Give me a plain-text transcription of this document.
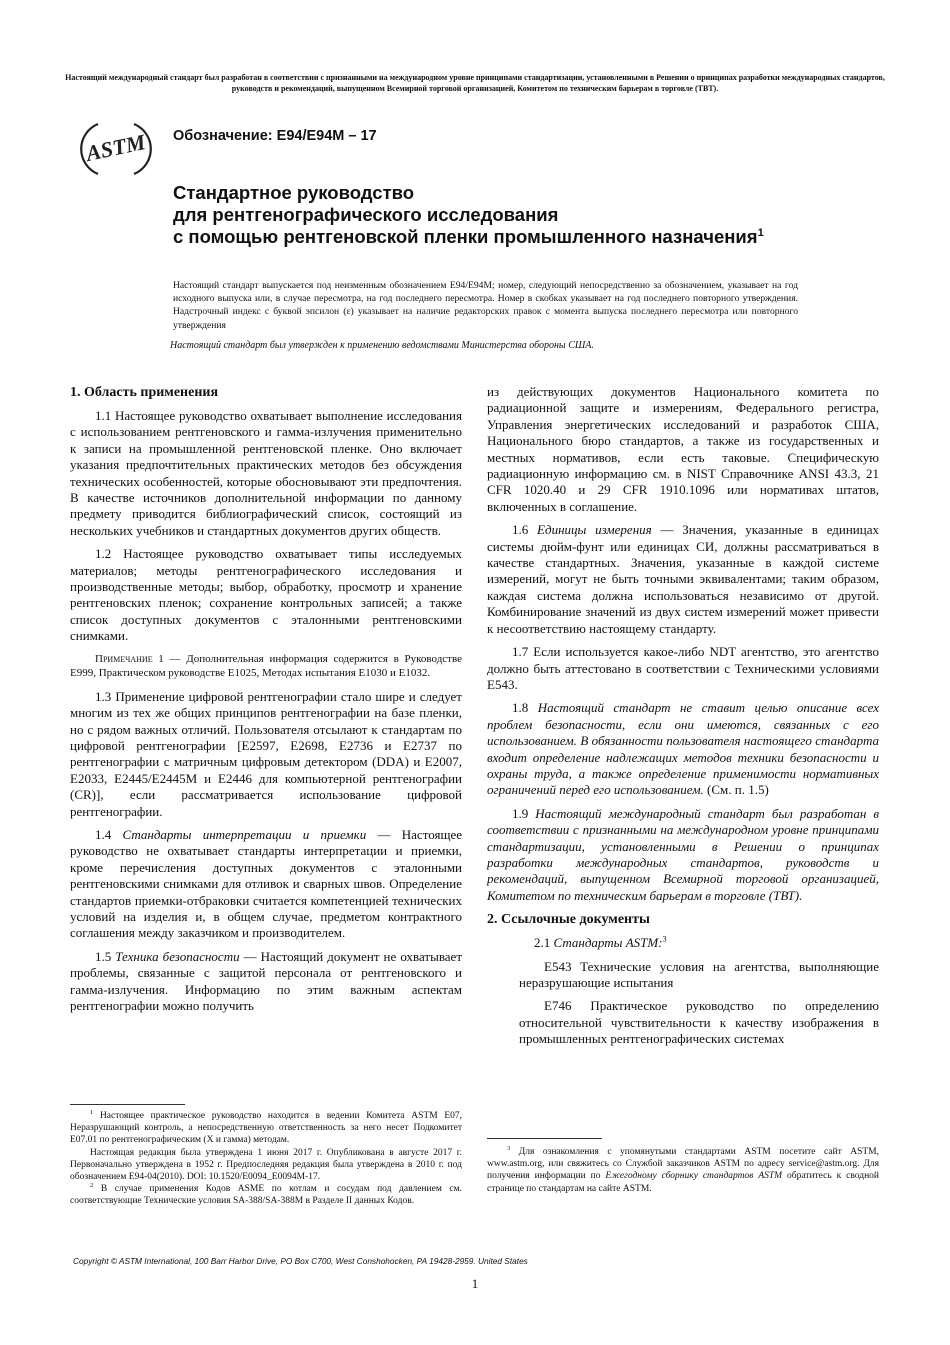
Настоящий международный стандарт был разработан в соответствии с признанными на международном уровне принципами стандартизации, установленными в Решении о принципах разработки международных стандартов, руководств и рекомендаций, выпущенном Всемирной торговой организацией, Комитетом по техническим барьерам в торговле (ТВТ).
ASTM Обозначение: E94/E94M – 17
Стандартное руководство
для рентгенографического исследования
с помощью рентгеновской пленки промышленного назначения$^1$
Настоящий стандарт выпускается под неизменным обозначением E94/E94M; номер, следующий непосредственно за обозначением, указывает на год исходного выпуска или, в случае пересмотра, на год последнего пересмотра. Номер в скобках указывает на год последнего повторного утверждения. Надстрочный индекс с буквой эпсилон (ε) указывает на наличие редакторских правок с момента выпуска последнего пересмотра или повторного утверждения
Настоящий стандарт был утвержден к применению ведомствами Министерства обороны США.
1. Область применения

1.1 Настоящее руководство охватывает выполнение исследования с использованием рентгеновского и гамма-излучения применительно к записи на промышленной рентгеновской пленке. Оно включает указания предпочтительных практических методов без обсуждения технических особенностей, которые обосновывают эти предпочтения. В качестве источников дополнительной информации по данному предмету приводится библиографический список, состоящий из нескольких учебников и стандартных документов других обществ.

1.2 Настоящее руководство охватывает типы исследуемых материалов; методы рентгенографического исследования и производственные методы; выбор, обработку, просмотр и хранение рентгеновских пленок; сохранение контрольных записей; а также список доступных документов с эталонными рентгеновскими снимками.

Примечание 1 — Дополнительная информация содержится в Руководстве E999, Практическом руководстве E1025, Методах испытания E1030 и E1032.

1.3 Применение цифровой рентгенографии стало шире и следует многим из тех же общих принципов рентгенографии на базе пленки, но с рядом важных отличий. Пользователя отсылают к стандартам по цифровой рентгенографии [E2597, E2698, E2736 и E2737 по рентгенографии с матричным цифровым детектором (DDA) и E2007, E2033, E2445/E2445M и E2446 для компьютерной рентгенографии (CR)], если рассматривается использование цифровой рентгенографии.

1.4 Стандарты интерпретации и приемки — Настоящее руководство не охватывает стандарты интерпретации и приемки, кроме перечисления доступных документов с эталонными рентгеновскими снимками для отливок и сварных швов. Определение стандартов приемки-отбраковки считается компетенцией технических условий на изделия и, в общем случае, предметом контрактного соглашения между заказчиком и производителем.

1.5 Техника безопасности — Настоящий документ не охватывает проблемы, связанные с защитой персонала от рентгеновского и гамма-излучения. Информацию по этим важным аспектам рентгенографии можно получить

$^1$ Настоящее практическое руководство находится в ведении Комитета ASTM E07, Неразрушающий контроль, а непосредственную ответственность за него несет Подкомитет E07.01 по рентгенографическим (X и гамма) методам.

Настоящая редакция была утверждена 1 июня 2017 г. Опубликована в августе 2017 г. Первоначально утверждена в 1952 г. Предпоследняя редакция была утверждена в 2010 г. под обозначением E94-04(2010). DOI: 10.1520/E0094_E0094M-17.

$^2$ В случае применения Кодов ASME по котлам и сосудам под давлением см. соответствующие Технические условия SA-388/SA-388M в Разделе II данных Кодов.

из действующих документов Национального комитета по радиационной защите и измерениям, Федерального регистра, Управления энергетических исследований и разработок США, Национального бюро стандартов, а также из государственных и местных нормативов, если есть таковые. Специфическую радиационную информацию см. в NIST Справочнике ANSI 43.3, 21 CFR 1020.40 и 29 CFR 1910.1096 или нормативах штатов, включенных в соглашение.

1.6 Единицы измерения — Значения, указанные в единицах системы дюйм-фунт или единицах СИ, должны рассматриваться в качестве стандартных. Значения, указанные в каждой системе измерений, могут не быть точными эквивалентами; таким образом, каждая система должна использоваться независимо от другой. Комбинирование значений из двух систем измерений может привести к несоответствию настоящему стандарту.

1.7 Если используется какое-либо NDT агентство, это агентство должно быть аттестовано в соответствии с Техническими условиями E543.

1.8 Настоящий стандарт не ставит целью описание всех проблем безопасности, если они имеются, связанных с его использованием. В обязанности пользователя настоящего стандарта входит определение надлежащих методов техники безопасности и охраны труда, а также определение применимости нормативных ограничений перед его использованием. (См. п. 1.5)

1.9 Настоящий международный стандарт был разработан в соответствии с признанными на международном уровне принципами стандартизации, установленными в Решении о принципах разработки международных стандартов, руководств и рекомендаций, выпущенном Всемирной торговой организацией, Комитетом по техническим барьерам в торговле (ТВТ).

2. Ссылочные документы

2.1 Стандарты ASTM:$^3$

E543 Технические условия на агентства, выполняющие неразрушающие испытания

E746 Практическое руководство по определению относительной чувствительности к качеству изображения в промышленных рентгенографических системах

$^3$ Для ознакомления с упомянутыми стандартами ASTM посетите сайт ASTM, www.astm.org, или свяжитесь со Службой заказчиков ASTM по адресу service@astm.org. Для получения информации по Ежегодному сборнику стандартов ASTM обратитесь к сводной странице по стандартам на сайте ASTM.

Copyright © ASTM International, 100 Barr Harbor Drive, PO Box C700, West Conshohocken, PA 19428-2959. United States
1
